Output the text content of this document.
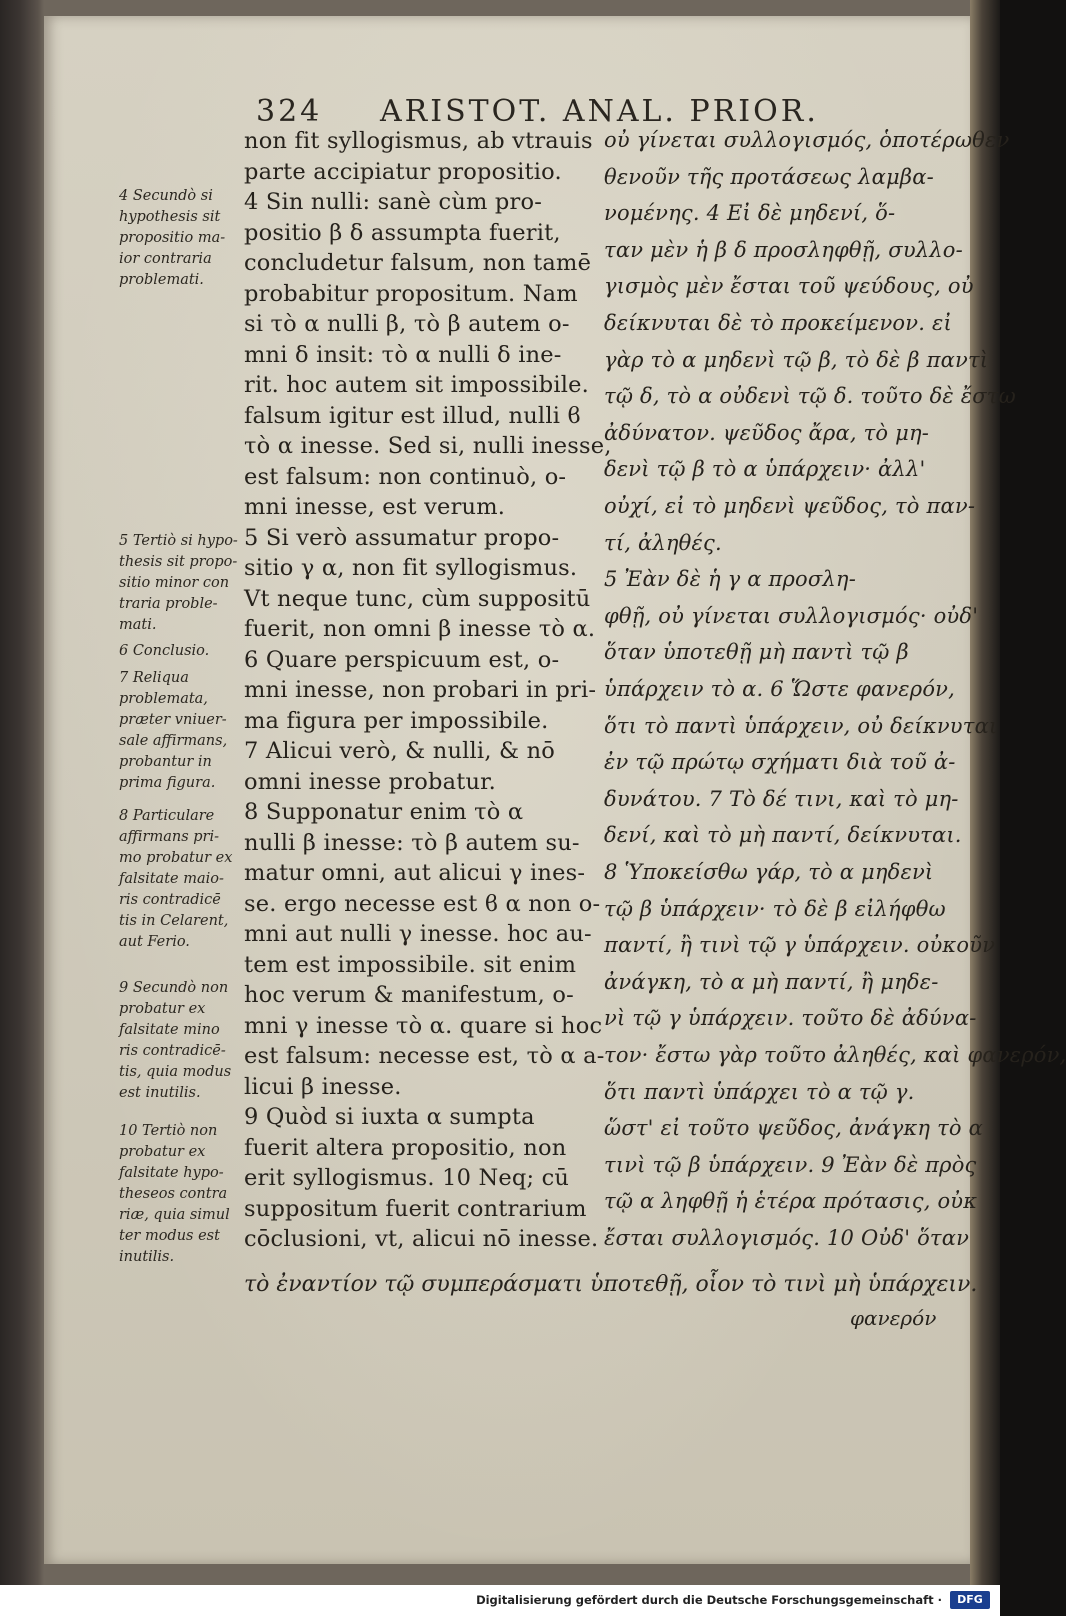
324 ARISTOT. ANAL. PRIOR.
4 Secundò si
hypothesis sit
propositio ma-
ior contraria
problemati.
5 Tertiò si hypo-
thesis sit propo-
sitio minor con
traria proble-
mati.
6 Conclusio.
7 Reliqua
problemata,
præter vniuer-
sale affirmans,
probantur in
prima figura.
8 Particulare
affirmans pri-
mo probatur ex
falsitate maio-
ris contradicē
tis in Celarent,
aut Ferio.
9 Secundò non
probatur ex
falsitate mino
ris contradicē-
tis, quia modus
est inutilis.
10 Tertiò non
probatur ex
falsitate hypo-
theseos contra
riæ, quia simul
ter modus est
inutilis.
non fit syllogismus, ab vtrauis
parte accipiatur propositio.
4 Sin nulli: sanè cùm pro-
positio β δ assumpta fuerit,
concludetur falsum, non tamē
probabitur propositum. Nam
si τὸ α nulli β, τὸ β autem o-
mni δ insit: τὸ α nulli δ ine-
rit. hoc autem sit impossibile.
falsum igitur est illud, nulli ϐ
τὸ α inesse. Sed si, nulli inesse,
est falsum: non continuò, o-
mni inesse, est verum.
5 Si verò assumatur propo-
sitio γ α, non fit syllogismus.
Vt neque tunc, cùm suppositū
fuerit, non omni β inesse τὸ α.
6 Quare perspicuum est, o-
mni inesse, non probari in pri-
ma figura per impossibile.
7 Alicui verò, & nulli, & nō
omni inesse probatur.
8 Supponatur enim τὸ α
nulli β inesse: τὸ β autem su-
matur omni, aut alicui γ ines-
se. ergo necesse est ϐ α non o-
mni aut nulli γ inesse. hoc au-
tem est impossibile. sit enim
hoc verum & manifestum, o-
mni γ inesse τὸ α. quare si hoc
est falsum: necesse est, τὸ α a-
licui β inesse.
9 Quòd si iuxta α sumpta
fuerit altera propositio, non
erit syllogismus. 10 Neq; cū
suppositum fuerit contrarium
cōclusioni, vt, alicui nō inesse.
οὐ γίνεται συλλογισμός, ὁποτέρωθεν
θενοῦν τῆς προτάσεως λαμβα-
νομένης. 4 Εἰ δὲ μηδενί, ὅ-
ταν μὲν ἡ β δ προσληφθῇ, συλλο-
γισμὸς μὲν ἔσται τοῦ ψεύδους, οὐ
δείκνυται δὲ τὸ προκείμενον. εἰ
γὰρ τὸ α μηδενὶ τῷ β, τὸ δὲ β παντὶ
τῷ δ, τὸ α οὐδενὶ τῷ δ. τοῦτο δὲ ἔστω
ἀδύνατον. ψεῦδος ἄρα, τὸ μη-
δενὶ τῷ β τὸ α ὑπάρχειν· ἀλλ'
οὐχί, εἰ τὸ μηδενὶ ψεῦδος, τὸ παν-
τί, ἀληθές.
5 Ἐὰν δὲ ἡ γ α προσλη-
φθῇ, οὐ γίνεται συλλογισμός· οὐδ'
ὅταν ὑποτεθῇ μὴ παντὶ τῷ β
ὑπάρχειν τὸ α. 6 Ὥστε φανερόν,
ὅτι τὸ παντὶ ὑπάρχειν, οὐ δείκνυται
ἐν τῷ πρώτῳ σχήματι διὰ τοῦ ἀ-
δυνάτου. 7 Τὸ δέ τινι, καὶ τὸ μη-
δενί, καὶ τὸ μὴ παντί, δείκνυται.
8 Ὑποκείσθω γάρ, τὸ α μηδενὶ
τῷ β ὑπάρχειν· τὸ δὲ β εἰλήφθω
παντί, ἢ τινὶ τῷ γ ὑπάρχειν. οὐκοῦν
ἀνάγκη, τὸ α μὴ παντί, ἢ μηδε-
νὶ τῷ γ ὑπάρχειν. τοῦτο δὲ ἀδύνα-
τον· ἔστω γὰρ τοῦτο ἀληθές, καὶ φανερόν,
ὅτι παντὶ ὑπάρχει τὸ α τῷ γ.
ὥστ' εἰ τοῦτο ψεῦδος, ἀνάγκη τὸ α
τινὶ τῷ β ὑπάρχειν. 9 Ἐὰν δὲ πρὸς
τῷ α ληφθῇ ἡ ἑτέρα πρότασις, οὐκ
ἔσται συλλογισμός. 10 Οὐδ' ὅταν
τὸ ἐναντίον τῷ συμπεράσματι ὑποτεθῇ, οἷον τὸ τινὶ μὴ ὑπάρχειν.
φανερόν
Digitalisierung gefördert durch die Deutsche Forschungsgemeinschaft ·	DFG
